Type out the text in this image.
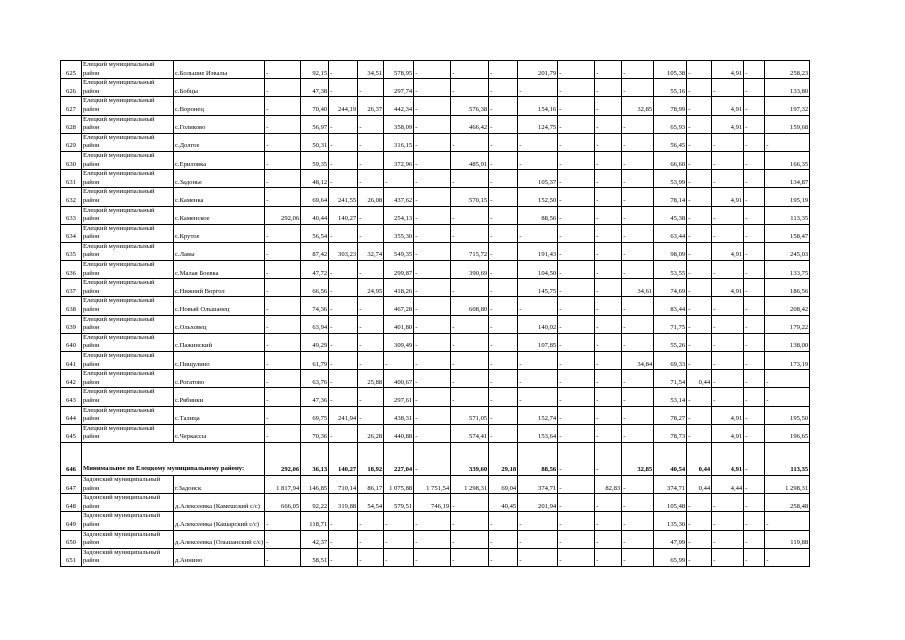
625	Елецкий муниципальный район	с.Большие Извалы	-	92,15	-	34,51	578,95	-	-	-	201,79	-	-	-	105,38	-	4,91	-	258,23
626	Елецкий муниципальный район	с.Бобцы	-	47,38	-	-	297,74	-	-	-	-	-	-	-	55,16	-	-	-	133,80
627	Елецкий муниципальный район	с.Воронец	-	70,40	244,19	26,37	442,34	-	576,38	-	154,16	-	-	32,85	78,99	-	4,91	-	197,32
628	Елецкий муниципальный район	с.Голиково	-	56,97	-	-	358,09	-	466,42	-	124,75	-	-	-	65,93	-	4,91	-	159,68
629	Елецкий муниципальный район	с.Долгое	-	50,31	-	-	316,15	-	-	-	-	-	-	-	56,45	-	-	-	-
630	Елецкий муниципальный район	с.Ериловка	-	59,35	-	-	372,96	-	485,91	-	-	-	-	-	66,60	-	-	-	166,35
631	Елецкий муниципальный район	с.Задонье	-	48,12	-	-	-	-	-	-	105,37	-	-	-	53,99	-	-	-	134,87
632	Елецкий муниципальный район	с.Каменка	-	69,64	241,55	26,08	437,62	-	570,15	-	152,50	-	-	-	78,14	-	4,91	-	195,19
633	Елецкий муниципальный район	с.Каменское	292,06	40,44	140,27	-	254,13	-	-	-	88,56	-	-	-	45,38	-	-	-	113,35
634	Елецкий муниципальный район	с.Крутое	-	56,54	-	-	355,30	-	-	-	-	-	-	-	63,44	-	-	-	158,47
635	Елецкий муниципальный район	с.Лавы	-	87,42	303,23	32,74	549,35	-	715,72	-	191,43	-	-	-	98,09	-	4,91	-	245,03
636	Елецкий муниципальный район	с.Малая Боевка	-	47,72	-	-	299,87	-	390,69	-	104,50	-	-	-	53,55	-	-	-	133,75
637	Елецкий муниципальный район	с.Нижний Воргол	-	66,56	-	24,95	418,26	-	-	-	145,75	-	-	34,61	74,69	-	4,91	-	186,56
638	Елецкий муниципальный район	с.Новый Ольшанец	-	74,36	-	-	467,28	-	608,80	-	-	-	-	-	83,44	-	-	-	208,42
639	Елецкий муниципальный район	с.Ольховец	-	63,94	-	-	401,80	-	-	-	140,02	-	-	-	71,75	-	-	-	179,22
640	Елецкий муниципальный район	с.Пажинский	-	49,29	-	-	309,49	-	-	-	107,85	-	-	-	55,26	-	-	-	138,00
641	Елецкий муниципальный район	с.Пищулино	-	61,79	-	-	-	-	-	-	-	-	-	34,84	69,33	-	-	-	173,19
642	Елецкий муниципальный район	с.Рогатово	-	63,76	-	25,88	400,67	-	-	-	-	-	-	-	71,54	0,44	-	-	-
643	Елецкий муниципальный район	с.Рябинки	-	47,36	-	-	297,61	-	-	-	-	-	-	-	53,14	-	-	-	-
644	Елецкий муниципальный район	с.Талица	-	69,75	241,94	-	438,31	-	571,05	-	152,74	-	-	-	78,27	-	4,91	-	195,50
645	Елецкий муниципальный район	с.Черкассы	-	70,36	-	26,28	440,88	-	574,41	-	153,64	-	-	-	78,73	-	4,91	-	196,65
646	Минимальное по Елецкому муниципальному району:		292,06	36,13	140,27	18,92	227,04	-	339,60	29,18	88,56	-	-	32,85	40,54	0,44	4,91	-	113,35
647	Задонский муниципальный район	г.Задонск	1 817,94	146,85	710,14	86,17	1 075,88	1 751,54	1 298,31	69,04	374,71	-	82,83	-	374,71	0,44	4,44	-	1 298,31
648	Задонский муниципальный район	д.Алексеевка (Камешский с/с)	666,05	92,22	319,88	54,54	579,51	746,19	-	40,45	201,94	-	-	-	105,48	-	-	-	258,48
649	Задонский муниципальный район	д.Алексеевка (Кашарский с/с)	-	118,71	-	-	-	-	-	-	-	-	-	-	135,30	-	-	-	-
650	Задонский муниципальный район	д.Алексеевка (Ольшанский с/с)	-	42,37	-	-	-	-	-	-	-	-	-	-	47,99	-	-	-	119,88
651	Задонский муниципальный район	д.Аннино	-	58,51	-	-	-	-	-	-	-	-	-	-	65,99	-	-	-	-
